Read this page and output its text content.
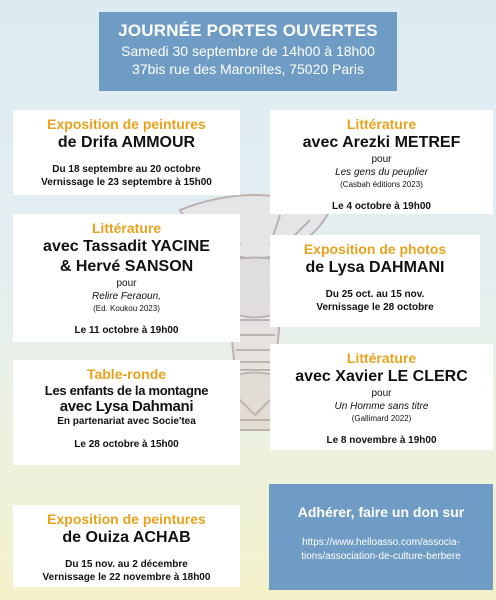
JOURNÉE PORTES OUVERTES
Samedi 30 septembre de 14h00 à 18h00
37bis rue des Maronites, 75020 Paris
Exposition de peintures
de Drifa AMMOUR
Du 18 septembre au 20 octobre
Vernissage le 23 septembre à 15h00
Littérature
avec Arezki METREF
pour
Les gens du peuplier
(Casbah éditions 2023)
Le 4 octobre à 19h00
Littérature
avec Tassadit YACINE
& Hervé SANSON
pour
Relire Feraoun,
(Ed. Koukou 2023)
Le 11 octobre à 19h00
Exposition de photos
de Lysa DAHMANI
Du 25 oct. au 15 nov.
Vernissage le 28 octobre
Table-ronde
Les enfants de la montagne
avec Lysa Dahmani
En partenariat avec Socie'tea
Le 28 octobre à 15h00
Littérature
avec Xavier LE CLERC
pour
Un Homme sans titre
(Gallimard 2022)
Le 8 novembre à 19h00
Exposition de peintures
de Ouiza ACHAB
Du 15 nov. au 2 décembre
Vernissage le 22 novembre à 18h00
Adhérer, faire un don sur
https://www.helloasso.com/associa-
tions/association-de-culture-berbere
